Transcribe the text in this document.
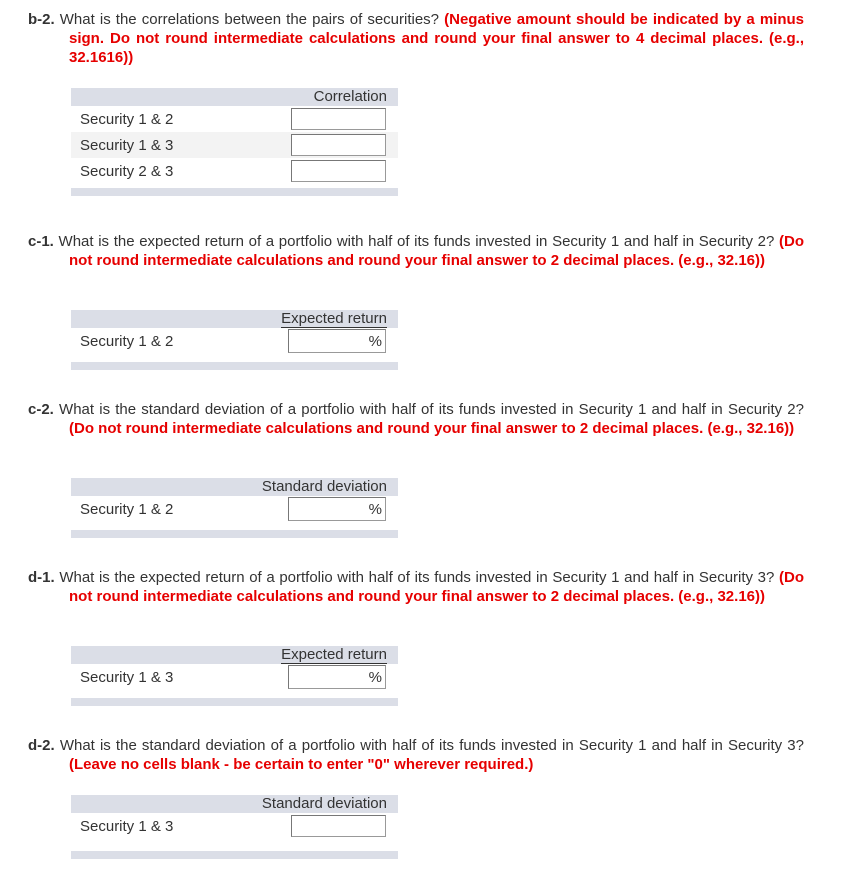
b-2. What is the correlations between the pairs of securities? (Negative amount should be indicated by a minus sign. Do not round intermediate calculations and round your final answer to 4 decimal places. (e.g., 32.1616))
	Correlation
Security 1 & 2	
Security 1 & 3	
Security 2 & 3	

c-1. What is the expected return of a portfolio with half of its funds invested in Security 1 and half in Security 2? (Do not round intermediate calculations and round your final answer to 2 decimal places. (e.g., 32.16))
	Expected return
Security 1 & 2	%

c-2. What is the standard deviation of a portfolio with half of its funds invested in Security 1 and half in Security 2? (Do not round intermediate calculations and round your final answer to 2 decimal places. (e.g., 32.16))
	Standard deviation
Security 1 & 2	%

d-1. What is the expected return of a portfolio with half of its funds invested in Security 1 and half in Security 3? (Do not round intermediate calculations and round your final answer to 2 decimal places. (e.g., 32.16))
	Expected return
Security 1 & 3	%

d-2. What is the standard deviation of a portfolio with half of its funds invested in Security 1 and half in Security 3? (Leave no cells blank - be certain to enter "0" wherever required.)
	Standard deviation
Security 1 & 3	
